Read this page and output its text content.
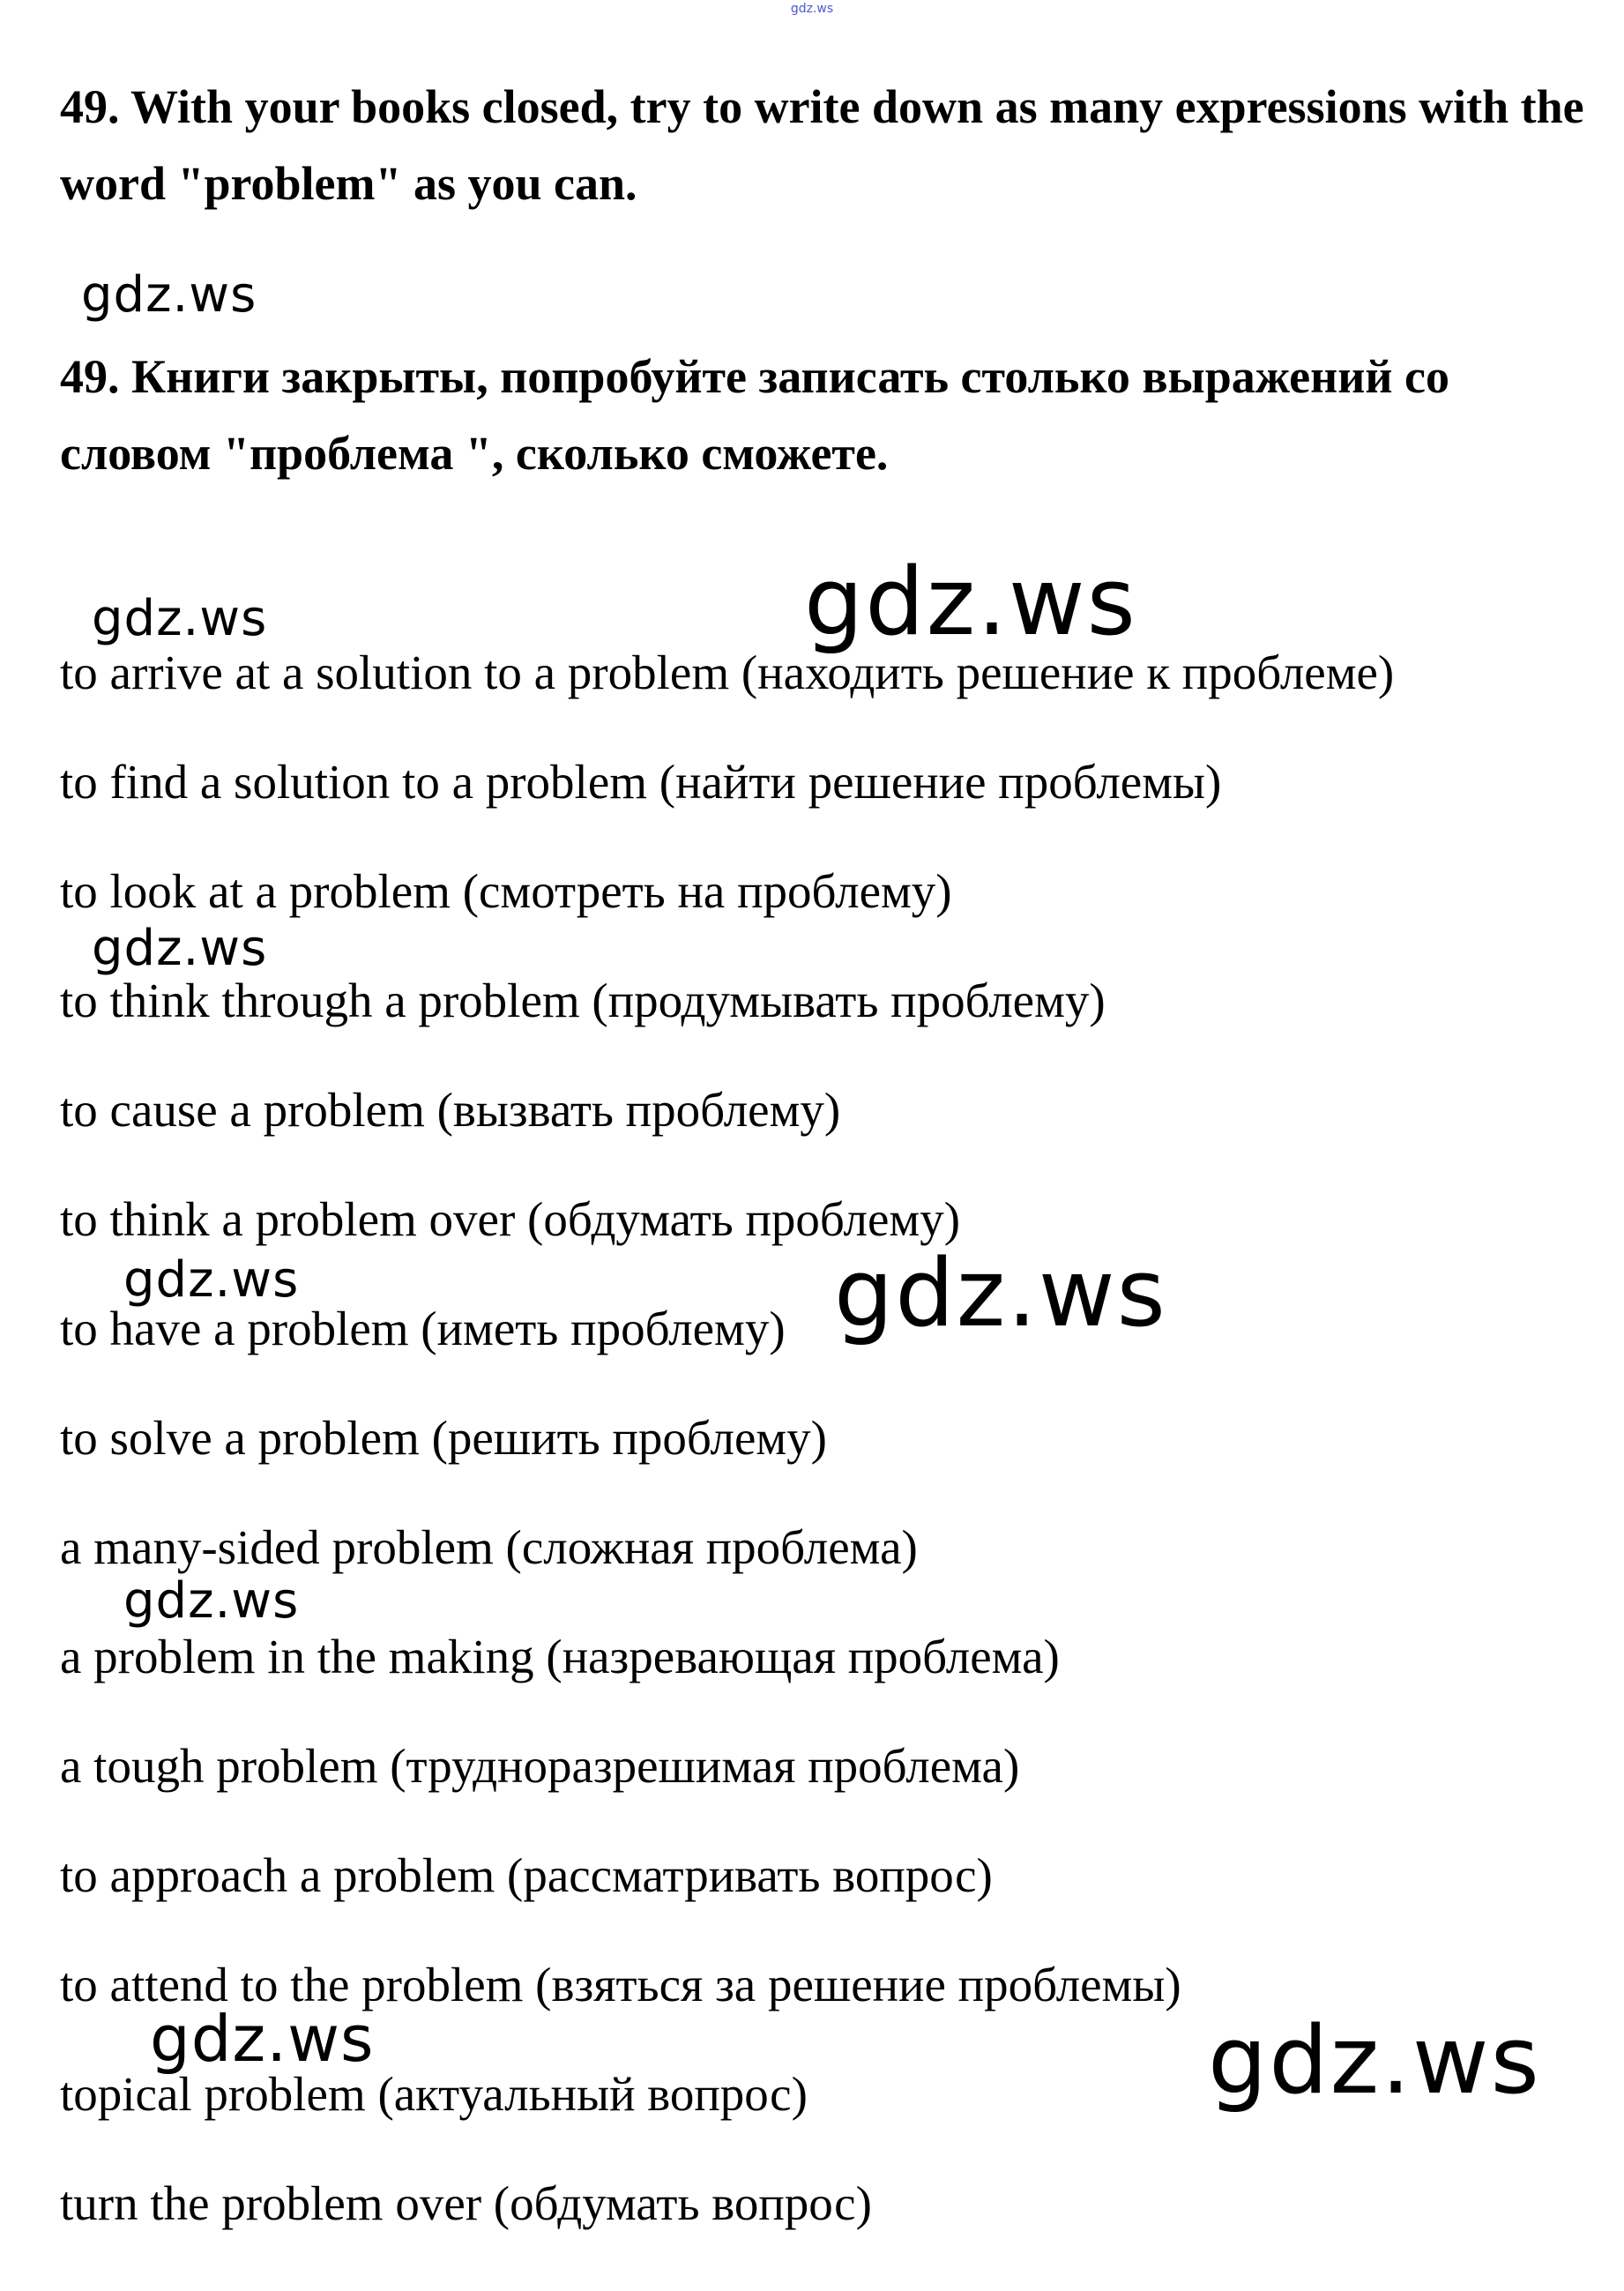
gdz.ws

49. With your books closed, try to write down as many expressions with the word "problem" as you can.

49. Книги закрыты, попробуйте записать столько выражений со словом "проблема ", сколько сможете.

to arrive at a solution to a problem (находить решение к проблеме)
to find a solution to a problem (найти решение проблемы)
to look at a problem (смотреть на проблему)
to think through a problem (продумывать проблему)
to cause a problem (вызвать проблему)
to think a problem over (обдумать проблему)
to have a problem (иметь проблему)
to solve a problem (решить проблему)
a many-sided problem (сложная проблема)
a problem in the making (назревающая проблема)
a tough problem (трудноразрешимая проблема)
to approach a problem (рассматривать вопрос)
to attend to the problem (взяться за решение проблемы)
topical problem (актуальный вопрос)
turn the problem over (обдумать вопрос)
gdz.ws
gdz.ws	gdz.ws
gdz.ws
gdz.ws	gdz.ws
gdz.ws
gdz.ws	gdz.ws
